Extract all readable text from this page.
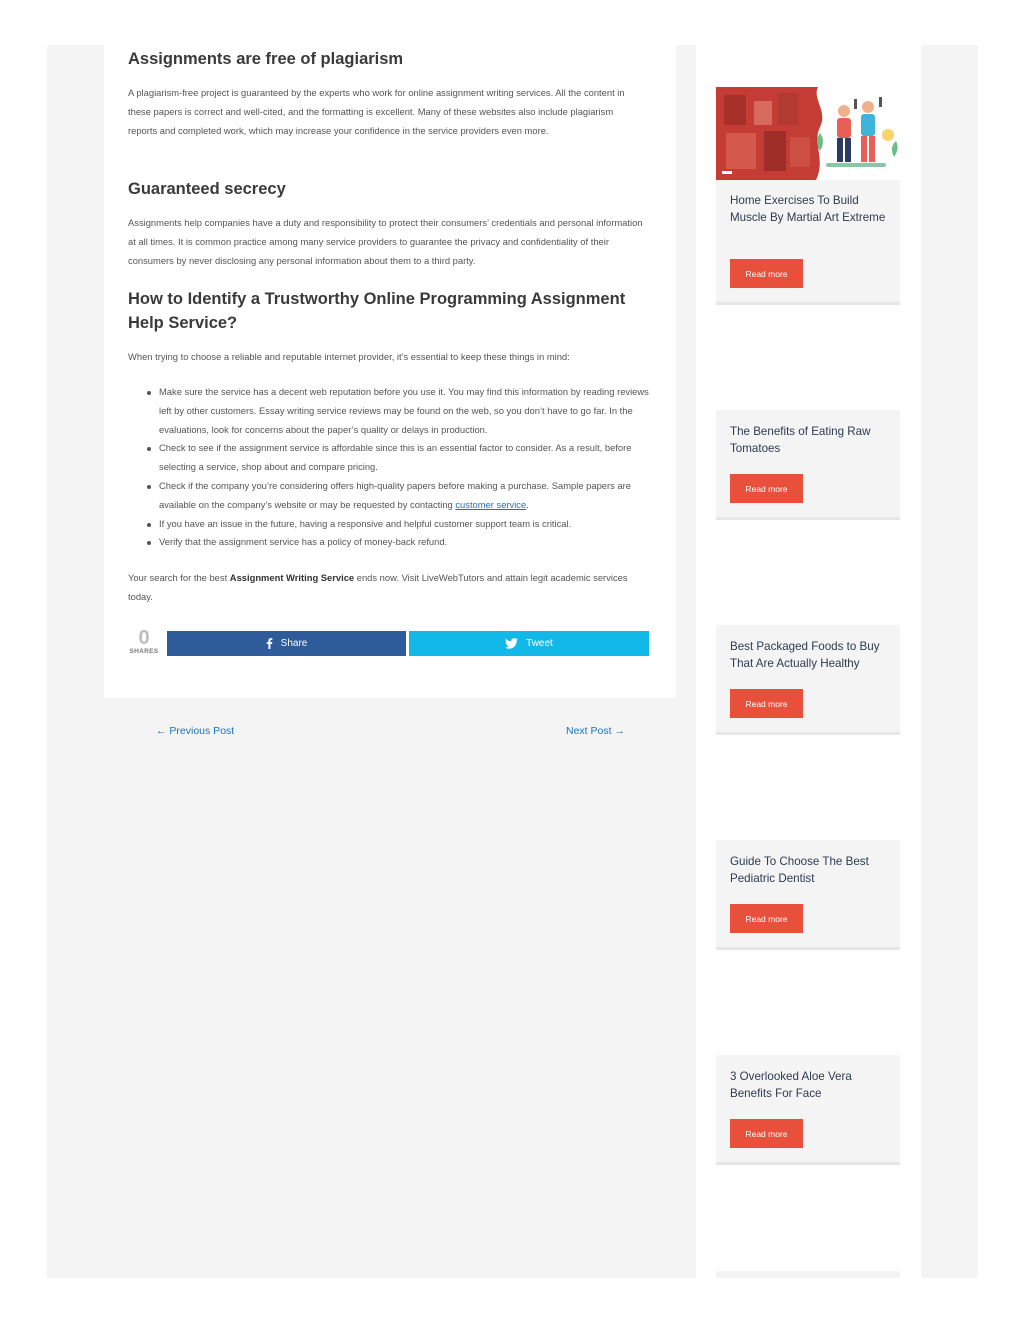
Assignments are free of plagiarism

A plagiarism-free project is guaranteed by the experts who work for online assignment writing services. All the content in these papers is correct and well-cited, and the formatting is excellent. Many of these websites also include plagiarism reports and completed work, which may increase your confidence in the service providers even more.

Guaranteed secrecy

Assignments help companies have a duty and responsibility to protect their consumers’ credentials and personal information at all times. It is common practice among many service providers to guarantee the privacy and confidentiality of their consumers by never disclosing any personal information about them to a third party.

How to Identify a Trustworthy Online Programming Assignment Help Service?

When trying to choose a reliable and reputable internet provider, it’s essential to keep these things in mind:

Make sure the service has a decent web reputation before you use it. You may find this information by reading reviews left by other customers. Essay writing service reviews may be found on the web, so you don’t have to go far. In the evaluations, look for concerns about the paper’s quality or delays in production.
Check to see if the assignment service is affordable since this is an essential factor to consider. As a result, before selecting a service, shop about and compare pricing.
Check if the company you’re considering offers high-quality papers before making a purchase. Sample papers are available on the company’s website or may be requested by contacting customer service.
If you have an issue in the future, having a responsive and helpful customer support team is critical.
Verify that the assignment service has a policy of money-back refund.

Your search for the best Assignment Writing Service ends now. Visit LiveWebTutors and attain legit academic services today.

0
SHARES
Share	Tweet
← Previous Post	Next Post →
Home Exercises To Build Muscle By Martial Art Extreme
Read more
The Benefits of Eating Raw Tomatoes
Read more
Best Packaged Foods to Buy That Are Actually Healthy
Read more
Guide To Choose The Best Pediatric Dentist
Read more
3 Overlooked Aloe Vera Benefits For Face
Read more
